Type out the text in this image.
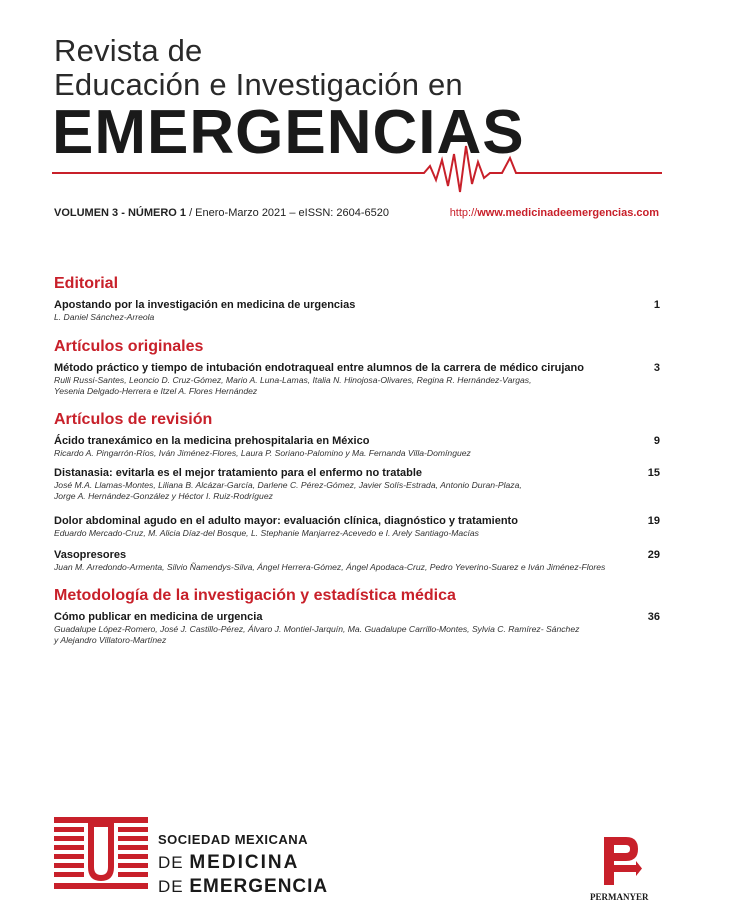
Revista de
Educación e Investigación en
EMERGENCIAS
VOLUMEN 3 - NÚMERO 1 / Enero-Marzo 2021 – eISSN: 2604-6520	http://www.medicinadeemergencias.com
Editorial
Apostando por la investigación en medicina de urgencias
L. Daniel Sánchez-Arreola
1
Artículos originales
Método práctico y tiempo de intubación endotraqueal entre alumnos de la carrera de médico cirujano
Rulli Russi-Santes, Leoncio D. Cruz-Gómez, Mario A. Luna-Lamas, Italia N. Hinojosa-Olivares, Regina R. Hernández-Vargas,
Yesenia Delgado-Herrera e Itzel A. Flores Hernández
3
Artículos de revisión
Ácido tranexámico en la medicina prehospitalaria en México
Ricardo A. Pingarrón-Ríos, Iván Jiménez-Flores, Laura P. Soriano-Palomino y Ma. Fernanda Villa-Domínguez
9
Distanasia: evitarla es el mejor tratamiento para el enfermo no tratable
José M.A. Llamas-Montes, Liliana B. Alcázar-García, Darlene C. Pérez-Gómez, Javier Solís-Estrada, Antonio Duran-Plaza,
Jorge A. Hernández-González y Héctor I. Ruiz-Rodríguez
15
Dolor abdominal agudo en el adulto mayor: evaluación clínica, diagnóstico y tratamiento
Eduardo Mercado-Cruz, M. Alicia Díaz-del Bosque, L. Stephanie Manjarrez-Acevedo e I. Arely Santiago-Macías
19
Vasopresores
Juan M. Arredondo-Armenta, Silvio Ñamendys-Silva, Ángel Herrera-Gómez, Ángel Apodaca-Cruz, Pedro Yeverino-Suarez e Iván Jiménez-Flores
29
Metodología de la investigación y estadística médica
Cómo publicar en medicina de urgencia
Guadalupe López-Romero, José J. Castillo-Pérez, Álvaro J. Montiel-Jarquín, Ma. Guadalupe Carrillo-Montes, Sylvia C. Ramírez- Sánchez
y Alejandro Villatoro-Martínez
36
SOCIEDAD MEXICANA
DE MEDICINA
DE EMERGENCIA	PERMANYER
